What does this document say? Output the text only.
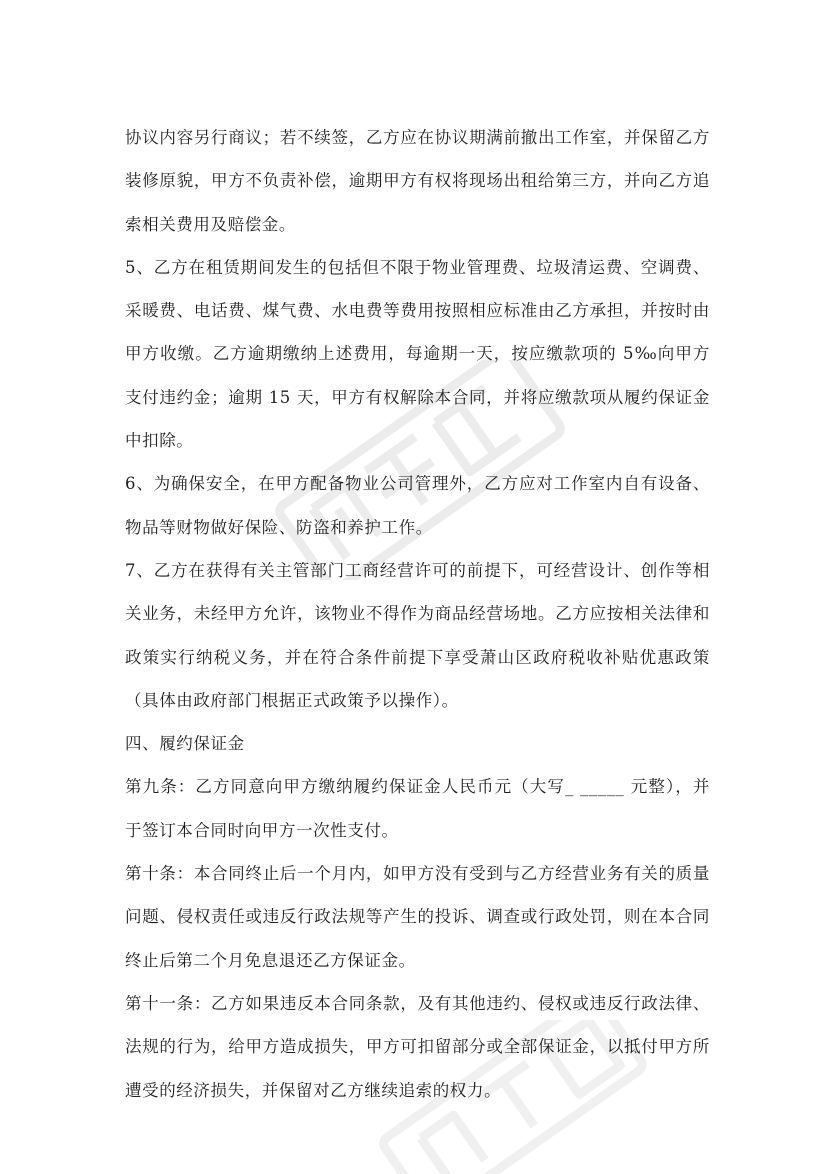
协议内容另行商议；若不续签，乙方应在协议期满前撤出工作室，并保留乙方装修原貌，甲方不负责补偿，逾期甲方有权将现场出租给第三方，并向乙方追索相关费用及赔偿金。

5、乙方在租赁期间发生的包括但不限于物业管理费、垃圾清运费、空调费、采暖费、电话费、煤气费、水电费等费用按照相应标准由乙方承担，并按时由甲方收缴。乙方逾期缴纳上述费用，每逾期一天，按应缴款项的 5‰向甲方支付违约金；逾期 15 天，甲方有权解除本合同，并将应缴款项从履约保证金中扣除。

6、为确保安全，在甲方配备物业公司管理外，乙方应对工作室内自有设备、物品等财物做好保险、防盗和养护工作。

7、乙方在获得有关主管部门工商经营许可的前提下，可经营设计、创作等相关业务，未经甲方允许，该物业不得作为商品经营场地。乙方应按相关法律和政策实行纳税义务，并在符合条件前提下享受萧山区政府税收补贴优惠政策（具体由政府部门根据正式政策予以操作）。

四、履约保证金

第九条：乙方同意向甲方缴纳履约保证金人民币元（大写_ _____ 元整），并于签订本合同时向甲方一次性支付。

第十条：本合同终止后一个月内，如甲方没有受到与乙方经营业务有关的质量问题、侵权责任或违反行政法规等产生的投诉、调查或行政处罚，则在本合同终止后第二个月免息退还乙方保证金。

第十一条：乙方如果违反本合同条款，及有其他违约、侵权或违反行政法律、法规的行为，给甲方造成损失，甲方可扣留部分或全部保证金，以抵付甲方所遭受的经济损失，并保留对乙方继续追索的权力。
